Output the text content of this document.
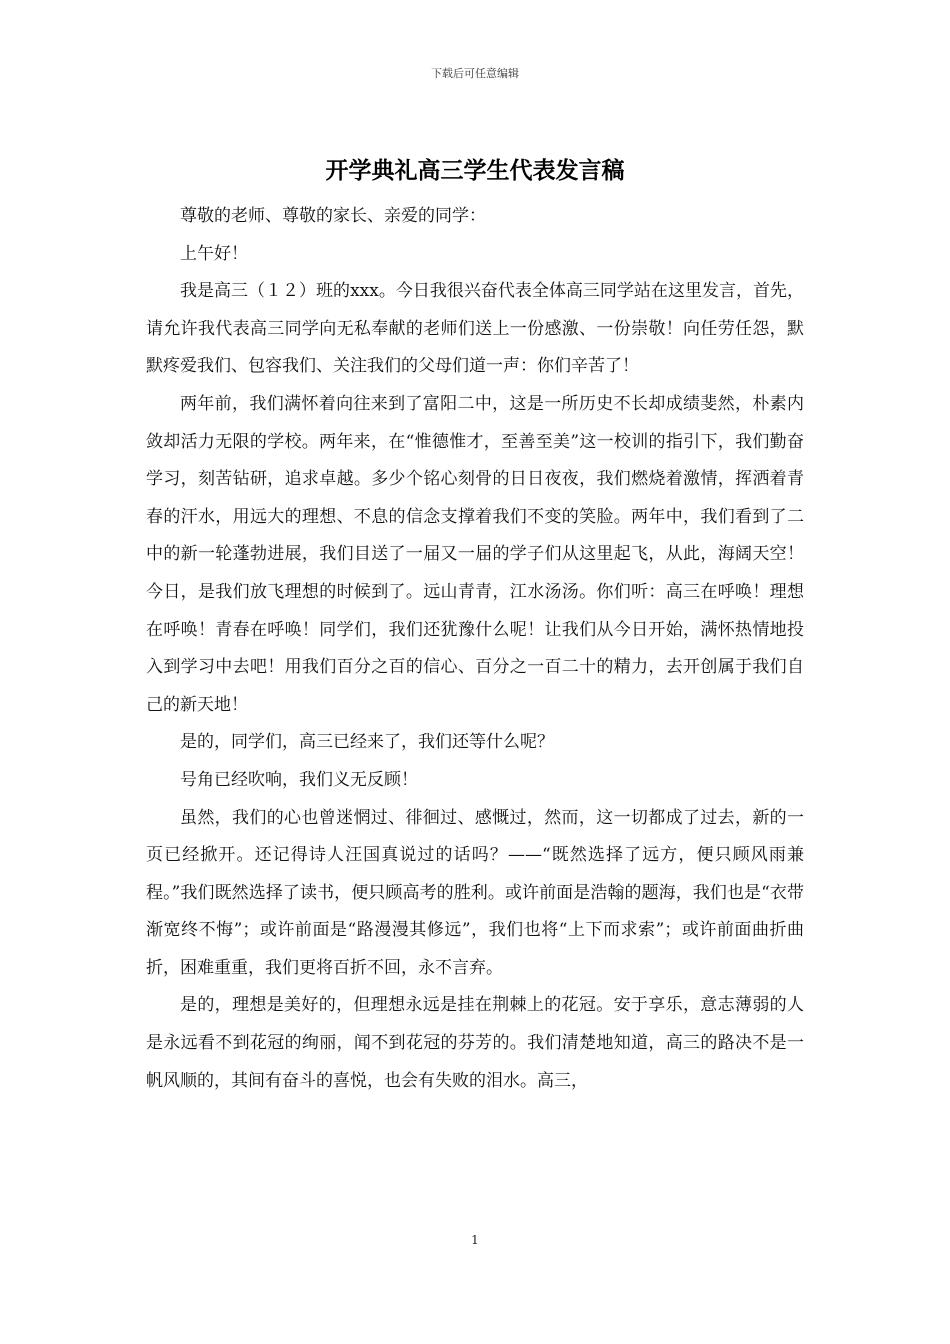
下载后可任意编辑
开学典礼高三学生代表发言稿

尊敬的老师、尊敬的家长、亲爱的同学：

上午好！

我是高三（１２）班的xxx。今日我很兴奋代表全体高三同学站在这里发言，首先，请允许我代表高三同学向无私奉献的老师们送上一份感激、一份崇敬！向任劳任怨，默默疼爱我们、包容我们、关注我们的父母们道一声：你们辛苦了！

两年前，我们满怀着向往来到了富阳二中，这是一所历史不长却成绩斐然，朴素内敛却活力无限的学校。两年来，在“惟德惟才，至善至美”这一校训的指引下，我们勤奋学习，刻苦钻研，追求卓越。多少个铭心刻骨的日日夜夜，我们燃烧着激情，挥洒着青春的汗水，用远大的理想、不息的信念支撑着我们不变的笑脸。两年中，我们看到了二中的新一轮蓬勃进展，我们目送了一届又一届的学子们从这里起飞，从此，海阔天空！今日，是我们放飞理想的时候到了。远山青青，江水汤汤。你们听：高三在呼唤！理想在呼唤！青春在呼唤！同学们，我们还犹豫什么呢！让我们从今日开始，满怀热情地投入到学习中去吧！用我们百分之百的信心、百分之一百二十的精力，去开创属于我们自己的新天地！

是的，同学们，高三已经来了，我们还等什么呢？

号角已经吹响，我们义无反顾！

虽然，我们的心也曾迷惘过、徘徊过、感慨过，然而，这一切都成了过去，新的一页已经掀开。还记得诗人汪国真说过的话吗？——“既然选择了远方，便只顾风雨兼程。”我们既然选择了读书，便只顾高考的胜利。或许前面是浩翰的题海，我们也是“衣带渐宽终不悔”；或许前面是“路漫漫其修远”，我们也将“上下而求索”；或许前面曲折曲折，困难重重，我们更将百折不回，永不言弃。

是的，理想是美好的，但理想永远是挂在荆棘上的花冠。安于享乐，意志薄弱的人是永远看不到花冠的绚丽，闻不到花冠的芬芳的。我们清楚地知道，高三的路决不是一帆风顺的，其间有奋斗的喜悦，也会有失败的泪水。高三，

1
